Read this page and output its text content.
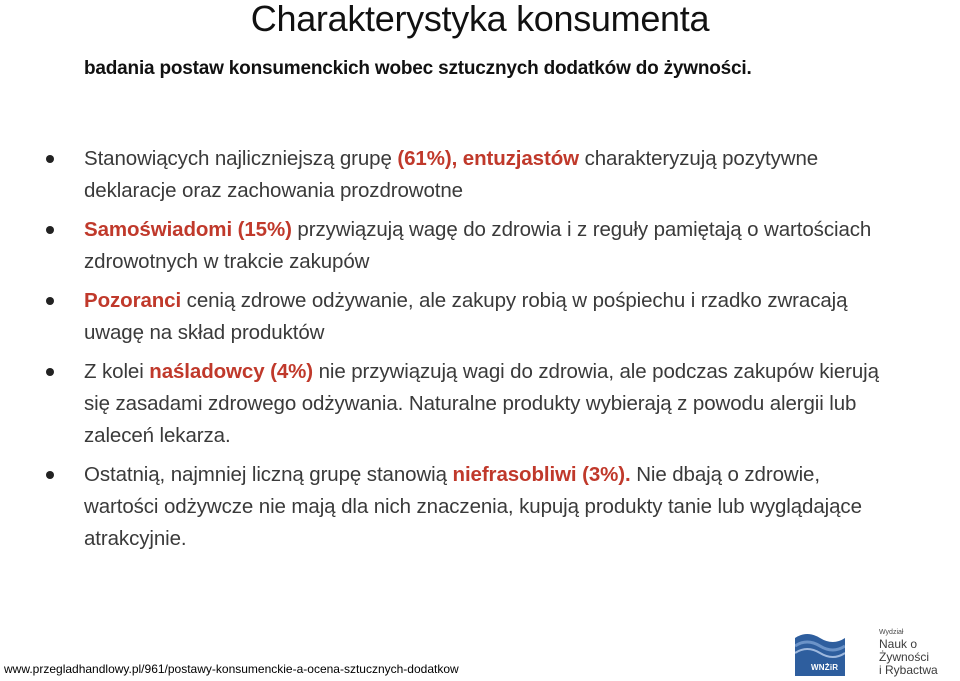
Charakterystyka konsumenta

badania postaw konsumenckich wobec sztucznych dodatków do żywności.

Stanowiących najliczniejszą grupę (61%), entuzjastów charakteryzują pozytywne deklaracje oraz zachowania prozdrowotne
Samoświadomi (15%) przywiązują wagę do zdrowia i z reguły pamiętają o wartościach zdrowotnych w trakcie zakupów
Pozoranci cenią zdrowe odżywanie, ale zakupy robią w pośpiechu i rzadko zwracają uwagę na skład produktów
Z kolei naśladowcy (4%) nie przywiązują wagi do zdrowia, ale podczas zakupów kierują się zasadami zdrowego odżywania. Naturalne produkty wybierają z powodu alergii lub zaleceń lekarza.
Ostatnią, najmniej liczną grupę stanowią niefrasobliwi (3%). Nie dbają o zdrowie, wartości odżywcze nie mają dla nich znaczenia, kupują produkty tanie lub wyglądające atrakcyjnie.

www.przegladhandlowy.pl/961/postawy-konsumenckie-a-ocena-sztucznych-dodatkow	WNŻiR
Wydział
Nauk o Żywności
i Rybactwa
